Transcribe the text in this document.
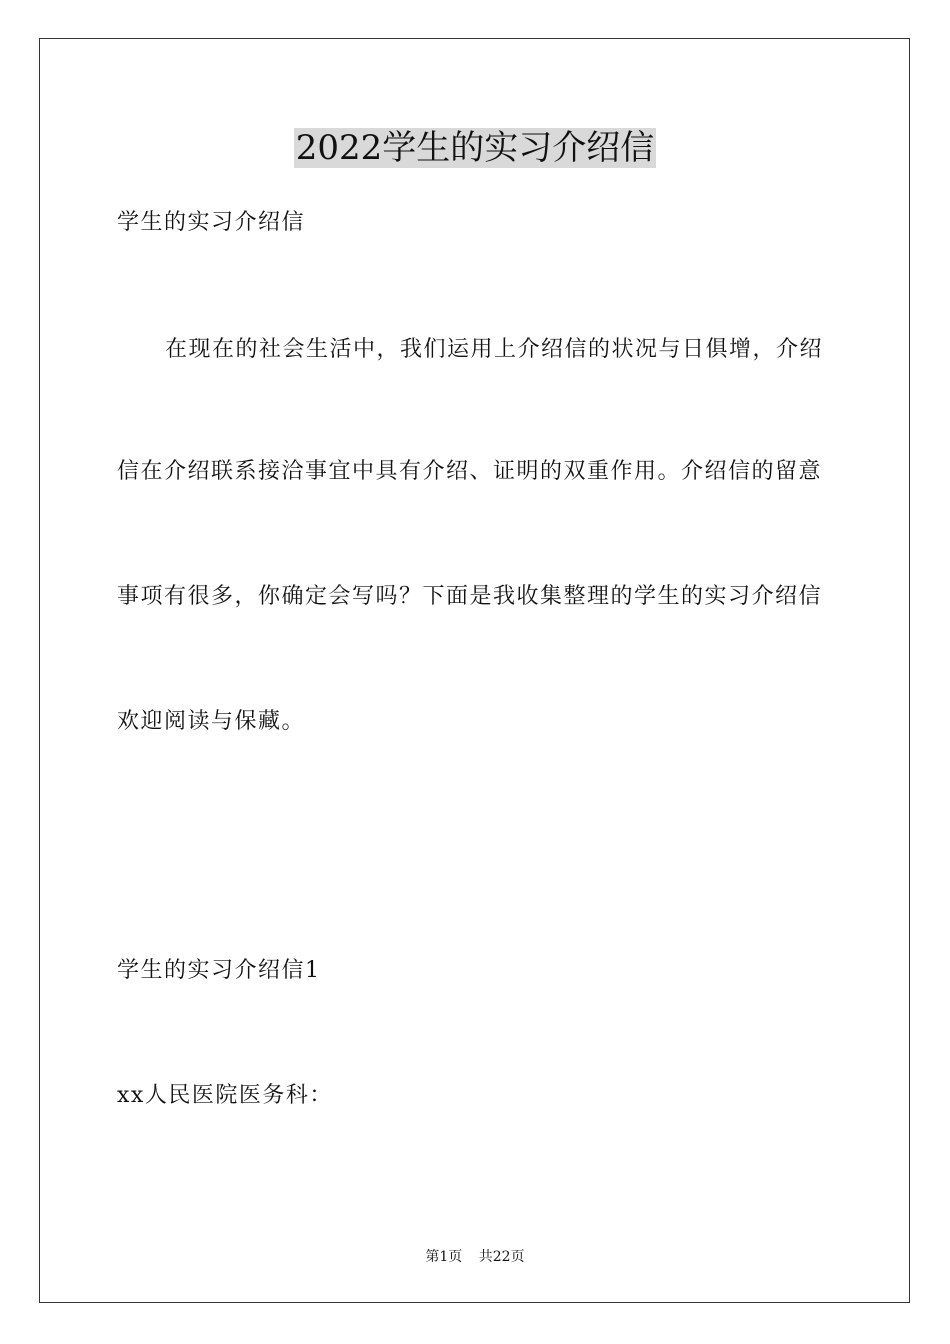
2022学生的实习介绍信
学生的实习介绍信
在现在的社会生活中，我们运用上介绍信的状况与日俱增，介绍
信在介绍联系接洽事宜中具有介绍、证明的双重作用。介绍信的留意
事项有很多，你确定会写吗？下面是我收集整理的学生的实习介绍信
欢迎阅读与保藏。
学生的实习介绍信1
xx人民医院医务科：
第1页 共22页
